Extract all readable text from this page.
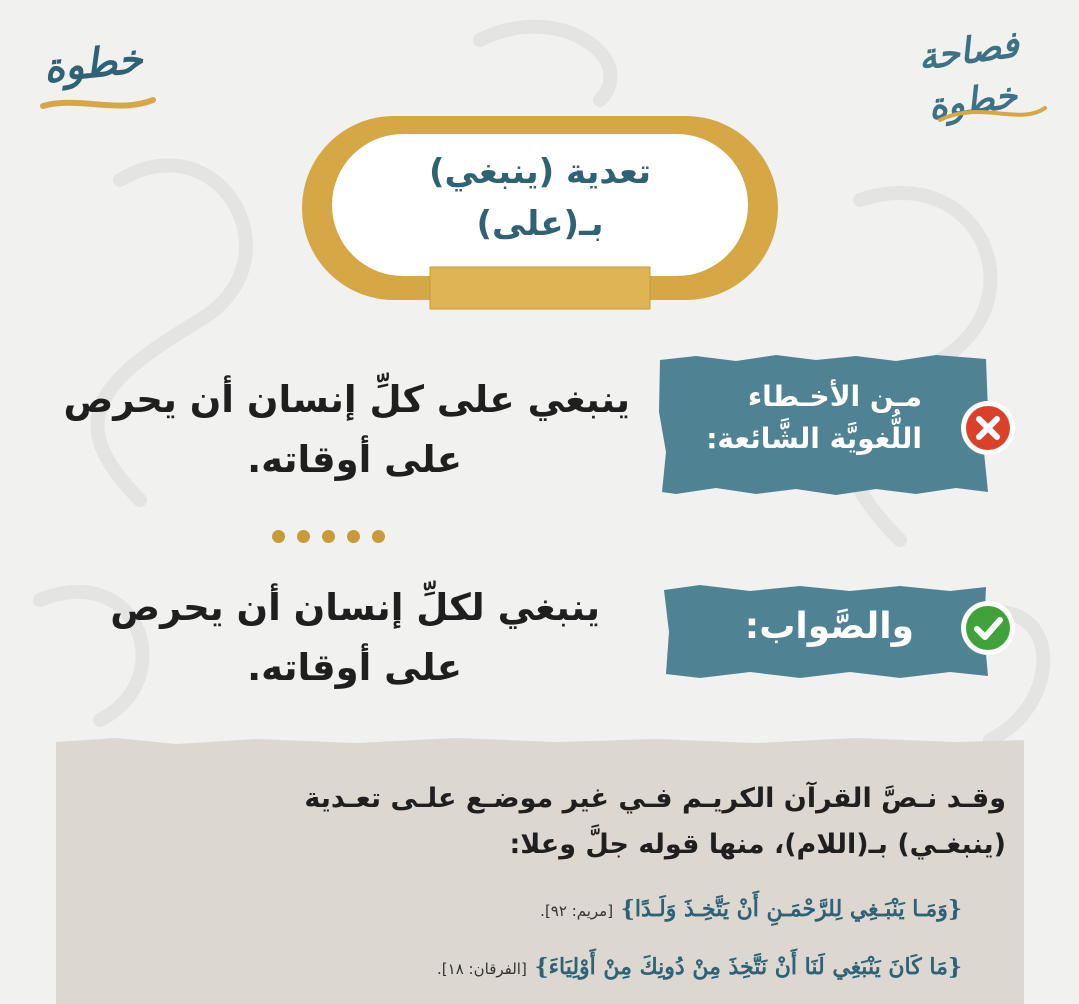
خطوة	فصاحة
خطوة
تعدية (ينبغي)
بـ(على)
مـن الأخـطاء
اللُّغويَّة الشَّائعة:
ينبغي على كلِّ إنسان أن يحرص
على أوقاته.
والصَّواب:
ينبغي لكلِّ إنسان أن يحرص
على أوقاته.
وقـد نـصَّ القرآن الكريـم فـي غير موضـع علـى تعـدية
(ينبغـي) بـ(اللام)، منها قوله جلَّ وعلا:
{وَمَـا يَنْبَـغِي لِلرَّحْمَـنِ أَنْ يَتَّخِـذَ وَلَـدًا} [مريم: ٩٢].
{مَا كَانَ يَنْبَغِي لَنَا أَنْ نَتَّخِذَ مِنْ دُونِكَ مِنْ أَوْلِيَاءَ} [الفرقان: ١٨].
